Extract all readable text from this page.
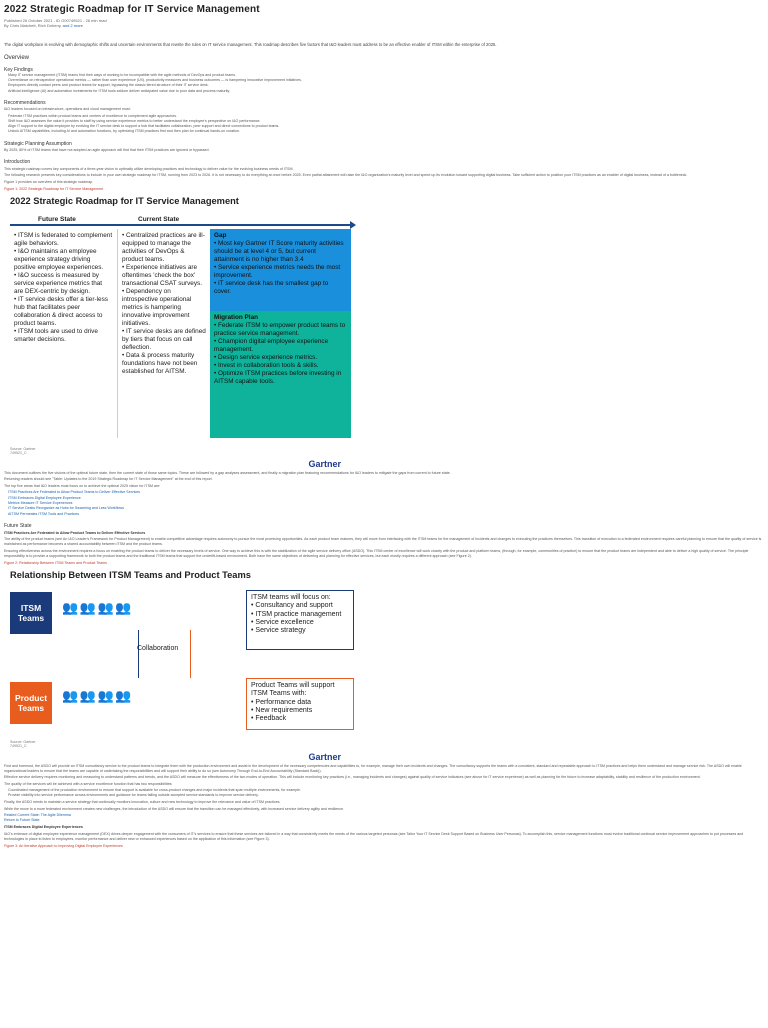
2022 Strategic Roadmap for IT Service Management
Published 26 October 2021 - ID G00749521 - 26 min read
By Chris Matchett, Rich Doheny, and 2 more
The digital workplace is evolving with demographic shifts and uncertain environments that rewrite the rules on IT service management. This roadmap describes five factors that I&O leaders must address to be an effective enabler of ITSM within the enterprise of 2025.
Overview
Key Findings
Many IT service management (ITSM) teams find their ways of working to be incompatible with the agile methods of DevOps and product teams.
Overreliance on retrospective operational metrics — rather than user experience (UX), productivity measures and business outcomes — is hampering innovative improvement initiatives.
Employees directly contact peers and product teams for support, bypassing the classic tiered structure of their IT service desk.
Artificial intelligence (AI) and automation investments for ITSM tools seldom deliver anticipated value due to poor data and process maturity.
Recommendations
I&O leaders focused on infrastructure, operations and cloud management must:
Federate ITSM practices within product teams and centers of excellence to complement agile approaches.
Shift how I&O assesses the value it provides to staff by using service experience metrics to better understand the employee's perspective on I&O performance.
Align IT support to the digital employee by evolving the IT service desk to support a hub that facilitates collaboration, peer support and direct connections to product teams.
Unlock AITSM capabilities, including AI and automation functions, by optimizing ITSM practices first and then plan for continual hands-on curation.
Strategic Planning Assumption
By 2025, 80% of ITSM teams that have not adopted an agile approach will find that their ITSM practices are ignored or bypassed.
Introduction
This strategic roadmap covers key components of a three-year vision to optimally utilize developing practices and technology to deliver value for the evolving business needs of ITSM.
The following research presents key considerations to include in your own strategic roadmap for ITSM, running from 2023 to 2026. It is not necessary to do everything at once before 2025. Even partial attainment will raise the I&O organization's maturity level and speed up its evolution toward supporting digital business. Take sufficient action to position your ITSM practices as an enabler of digital business, instead of a bottleneck.
Figure 1 provides an overview of this strategic roadmap.
Figure 1: 2022 Strategic Roadmap for IT Service Management
2022 Strategic Roadmap for IT Service Management
Future State	Current State
• ITSM is federated to complement agile behaviors.
• I&O maintains an employee experience strategy driving positive employee experiences.
• I&O success is measured by service experience metrics that are DEX-centric by design.
• IT service desks offer a tier-less hub that facilitates peer collaboration & direct access to product teams.
• ITSM tools are used to drive smarter decisions.
• Centralized practices are ill-equipped to manage the activities of DevOps & product teams.
• Experience initiatives are oftentimes 'check the box' transactional CSAT surveys.
• Dependency on introspective operational metrics is hampering innovative improvement initiatives.
• IT service desks are defined by tiers that focus on call deflection.
• Data & process maturity foundations have not been established for AITSM.
Gap
• Most key Gartner IT Score maturity activities should be at level 4 or 5, but current attainment is no higher than 3.4
• Service experience metrics needs the most improvement.
• IT service desk has the smallest gap to cover.
Migration Plan
• Federate ITSM to empower product teams to practice service management.
• Champion digital employee experience management.
• Design service experience metrics.
• Invest in collaboration tools & skills.
• Optimize ITSM practices before investing in AITSM capable tools.
Source: Gartner
749521_C
Gartner
This document outlines the five visions of the optimal future state, then the current state of those same topics. These are followed by a gap analyses assessment, and finally a migration plan featuring recommendations for I&O leaders to mitigate the gaps from current to future state.
Returning readers should see "Table: Updates to the 2019 Strategic Roadmap for IT Service Management" at the end of this report.
The top five areas that I&O leaders must focus on to achieve the optimal 2025 vision for ITSM are:
ITSM Practices Are Federated to Allow Product Teams to Deliver Effective Services
ITSM Embraces Digital Employee Experience
Metrics Measure IT Service Experiences
IT Service Desks Reorganize as Hubs for Swarming and Less Workflows
AITSM Permeates ITSM Tools and Practices
Future State
ITSM Practices Are Federated to Allow Product Teams to Deliver Effective Services
The ability of the product teams (see An I&O Leader's Framework for Product Management) to enable competitive advantage requires autonomy to pursue the most promising opportunities. As each product team matures, they will move from interfacing with the ITSM teams for the management of incidents and changes to executing the practices themselves. This transition of execution to a federated environment requires careful planning to ensure that the quality of service is maintained as performance becomes a shared accountability between ITSM and the product teams.
Ensuring effectiveness across the environment requires a focus on enabling the product teams to deliver the necessary levels of service. One way to achieve this is with the stabilization of the agile service delivery office (ASDO). This ITSM center of excellence will work closely with the product and platform teams, (through, for example, communities of practice) to ensure that the product teams are independent and able to deliver a high quality of service. The principle responsibility is to provide a supporting framework to both the product teams and the traditional ITSM teams that support the underlift-based environment. Both have the same objectives of delivering and planning for effective services, but each mostly requires a different approach (see Figure 2).
Figure 2: Relationship Between ITSM Teams and Product Teams
Relationship Between ITSM Teams and Product Teams
ITSM Teams
👥 👥 👥 👥
ITSM teams will focus on:
• Consultancy and support
• ITSM practice management
• Service excellence
• Service strategy
Collaboration
Product Teams
👥 👥 👥 👥
Product Teams will support ITSM Teams with:
• Performance data
• New requirements
• Feedback
Source: Gartner
749521_C
Gartner
First and foremost, the ASDO will provide an ITSM consultancy service to the product teams to integrate them with the production environment and assist in the development of the necessary competencies and capabilities to, for example, manage their own incidents and changes. The consultancy supports the teams with a consistent, standard and repeatable approach to ITSM practices and helps them understand and manage service risk. The ASDO will enable organizational leaders to ensure that the teams are capable of undertaking the responsibilities and will support their ability to do so (see Autonomy Through End-to-End Accountability (Standard Back)).
Effective service delivery requires monitoring and measuring to understand patterns and trends, and the ASDO will measure the effectiveness of the two modes of operation. This will include monitoring key practices (i.e., managing incidents and changes) against quality of service indicators (see above for IT service experience) as well as planning for the future to increase adaptability, stability and resilience of the production environment.
The quality of the services will be achieved with a service excellence function that has two responsibilities:
Coordinated management of the production environment to ensure that support is available for cross-product changes and major incidents that span multiple environments, for example.
Provide visibility into service performance across environments and guidance for teams falling outside accepted service standards to improve service delivery.
Finally, the ASDO needs to maintain a service strategy that continually monitors innovation, culture and new technology to improve the relevance and value of ITSM practices.
While the move to a more federated environment creates new challenges, the introduction of the ASDO will ensure that the transition can be managed effectively, with increased service delivery agility and resilience.
Related Current State: The Agile Dilemma
Return to Future State
ITSM Embraces Digital Employee Experiences
I&O's embrace of digital employee experience management (DEX) drives deeper engagement with the consumers of IT's services to ensure that these services are tailored in a way that consistently meets the needs of the various targeted personas (see Tailor Your IT Service Desk Support Based on Business User Personas). To accomplish this, service management functions must evolve traditional continual service improvement approaches to put processes and technologies in place to listen to employees, monitor performance and deliver new or enhanced experiences based on the application of this information (see Figure 3).
Figure 3: An Iterative Approach to Improving Digital Employee Experiences
